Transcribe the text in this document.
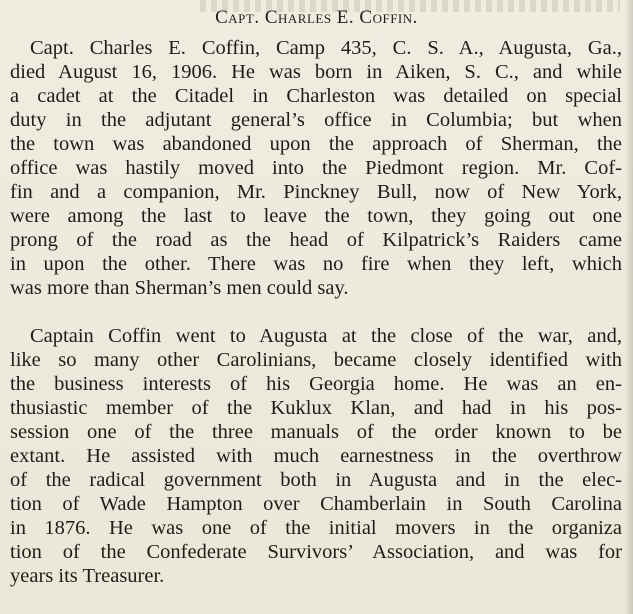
Capt. Charles E. Coffin.
Capt. Charles E. Coffin, Camp 435, C. S. A., Augusta, Ga.,
died August 16, 1906. He was born in Aiken, S. C., and while
a cadet at the Citadel in Charleston was detailed on special
duty in the adjutant general’s office in Columbia; but when
the town was abandoned upon the approach of Sherman, the
office was hastily moved into the Piedmont region. Mr. Cof-
fin and a companion, Mr. Pinckney Bull, now of New York,
were among the last to leave the town, they going out one
prong of the road as the head of Kilpatrick’s Raiders came
in upon the other. There was no fire when they left, which
was more than Sherman’s men could say.
Captain Coffin went to Augusta at the close of the war, and,
like so many other Carolinians, became closely identified with
the business interests of his Georgia home. He was an en-
thusiastic member of the Kuklux Klan, and had in his pos-
session one of the three manuals of the order known to be
extant. He assisted with much earnestness in the overthrow
of the radical government both in Augusta and in the elec-
tion of Wade Hampton over Chamberlain in South Carolina
in 1876. He was one of the initial movers in the organiza
tion of the Confederate Survivors’ Association, and was for
years its Treasurer.
